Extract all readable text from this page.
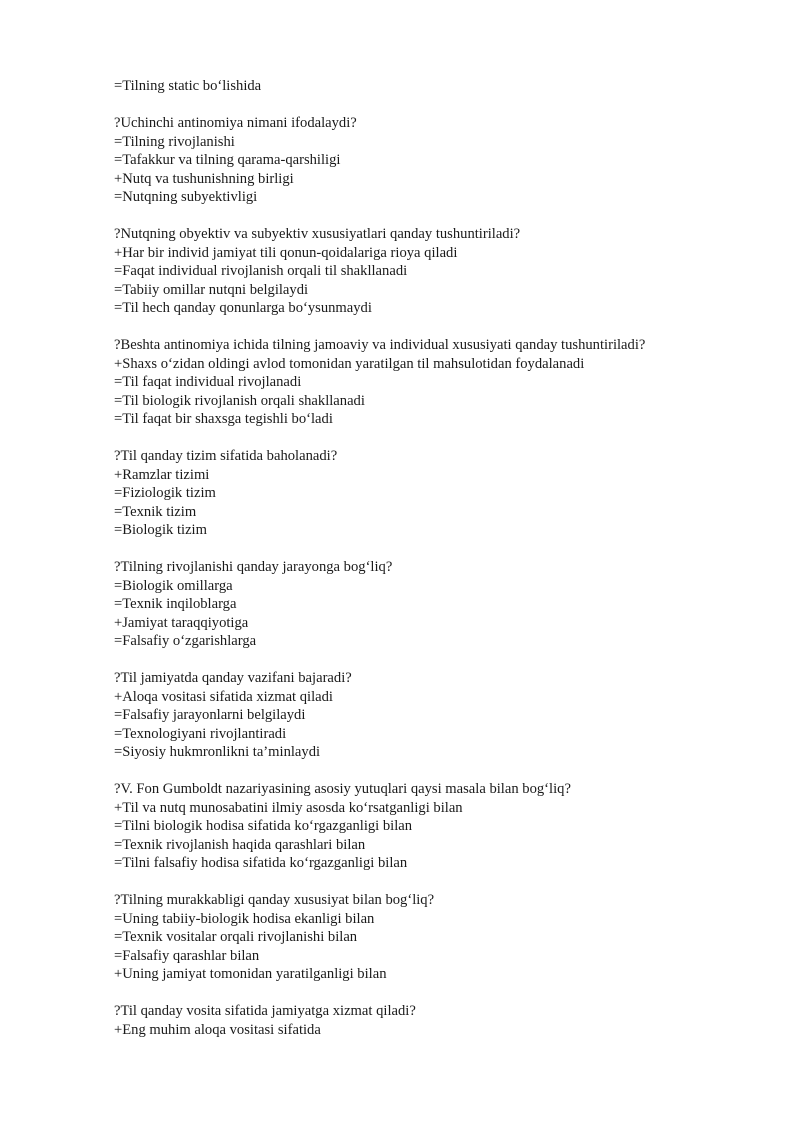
=Tilning static bo‘lishida
?Uchinchi antinomiya nimani ifodalaydi?
=Tilning rivojlanishi
=Tafakkur va tilning qarama-qarshiligi
+Nutq va tushunishning birligi
=Nutqning subyektivligi
?Nutqning obyektiv va subyektiv xususiyatlari qanday tushuntiriladi?
+Har bir individ jamiyat tili qonun-qoidalariga rioya qiladi
=Faqat individual rivojlanish orqali til shakllanadi
=Tabiiy omillar nutqni belgilaydi
=Til hech qanday qonunlarga bo‘ysunmaydi
?Beshta antinomiya ichida tilning jamoaviy va individual xususiyati qanday tushuntiriladi?
+Shaxs o‘zidan oldingi avlod tomonidan yaratilgan til mahsulotidan foydalanadi
=Til faqat individual rivojlanadi
=Til biologik rivojlanish orqali shakllanadi
=Til faqat bir shaxsga tegishli bo‘ladi
?Til qanday tizim sifatida baholanadi?
+Ramzlar tizimi
=Fiziologik tizim
=Texnik tizim
=Biologik tizim
?Tilning rivojlanishi qanday jarayonga bog‘liq?
=Biologik omillarga
=Texnik inqiloblarga
+Jamiyat taraqqiyotiga
=Falsafiy o‘zgarishlarga
?Til jamiyatda qanday vazifani bajaradi?
+Aloqa vositasi sifatida xizmat qiladi
=Falsafiy jarayonlarni belgilaydi
=Texnologiyani rivojlantiradi
=Siyosiy hukmronlikni ta’minlaydi
?V. Fon Gumboldt nazariyasining asosiy yutuqlari qaysi masala bilan bog‘liq?
+Til va nutq munosabatini ilmiy asosda ko‘rsatganligi bilan
=Tilni biologik hodisa sifatida ko‘rgazganligi bilan
=Texnik rivojlanish haqida qarashlari bilan
=Tilni falsafiy hodisa sifatida ko‘rgazganligi bilan
?Tilning murakkabligi qanday xususiyat bilan bog‘liq?
=Uning tabiiy-biologik hodisa ekanligi bilan
=Texnik vositalar orqali rivojlanishi bilan
=Falsafiy qarashlar bilan
+Uning jamiyat tomonidan yaratilganligi bilan
?Til qanday vosita sifatida jamiyatga xizmat qiladi?
+Eng muhim aloqa vositasi sifatida
